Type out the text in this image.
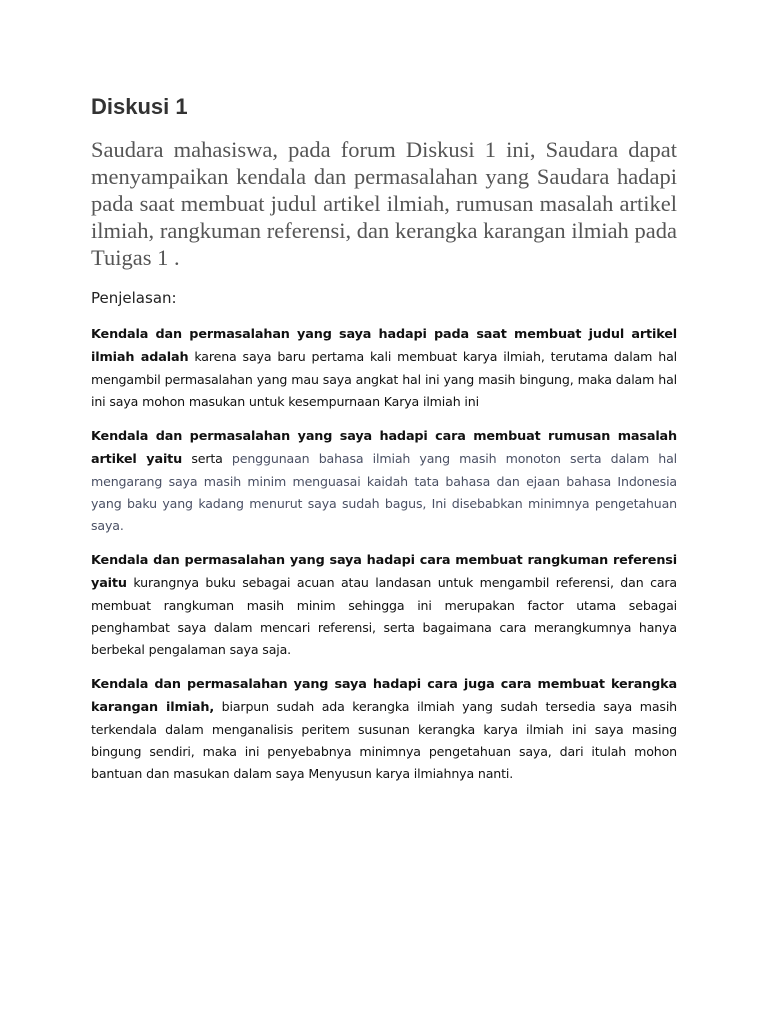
Diskusi 1

Saudara mahasiswa, pada forum Diskusi 1 ini, Saudara dapat menyampaikan kendala dan permasalahan yang Saudara hadapi pada saat membuat judul artikel ilmiah, rumusan masalah artikel ilmiah, rangkuman referensi, dan kerangka karangan ilmiah pada Tuigas 1 .

Penjelasan:

Kendala dan permasalahan yang saya hadapi pada saat membuat judul artikel ilmiah adalah karena saya baru pertama kali membuat karya ilmiah, terutama dalam hal mengambil permasalahan yang mau saya angkat hal ini yang masih bingung, maka dalam hal ini saya mohon masukan untuk kesempurnaan Karya ilmiah ini

Kendala dan permasalahan yang saya hadapi cara membuat rumusan masalah artikel yaitu serta penggunaan bahasa ilmiah yang masih monoton serta dalam hal mengarang saya masih minim menguasai kaidah tata bahasa dan ejaan bahasa Indonesia yang baku yang kadang menurut saya sudah bagus, Ini disebabkan minimnya pengetahuan saya.

Kendala dan permasalahan yang saya hadapi cara membuat rangkuman referensi yaitu kurangnya buku sebagai acuan atau landasan untuk mengambil referensi, dan cara membuat rangkuman masih minim sehingga ini merupakan factor utama sebagai penghambat saya dalam mencari referensi, serta bagaimana cara merangkumnya hanya berbekal pengalaman saya saja.

Kendala dan permasalahan yang saya hadapi cara juga cara membuat kerangka karangan ilmiah, biarpun sudah ada kerangka ilmiah yang sudah tersedia saya masih terkendala dalam menganalisis peritem susunan kerangka karya ilmiah ini saya masing bingung sendiri, maka ini penyebabnya minimnya pengetahuan saya, dari itulah mohon bantuan dan masukan dalam saya Menyusun karya ilmiahnya nanti.
